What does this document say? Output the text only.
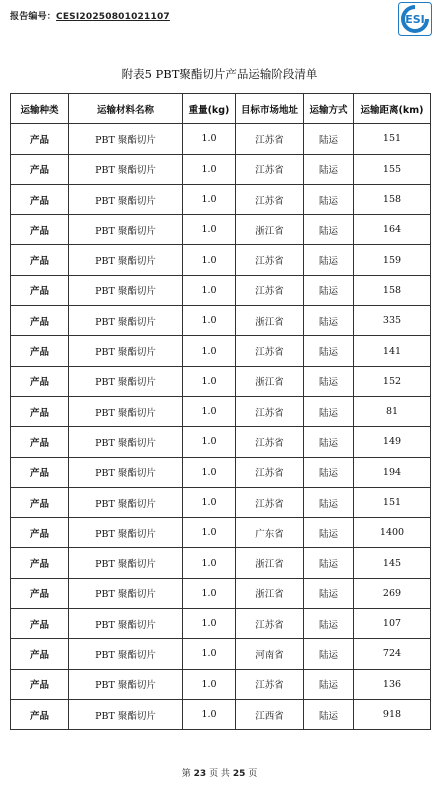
报告编号：CESI20250801021107	ESI
附表5 PBT聚酯切片产品运输阶段清单
运输种类	运输材料名称	重量(kg)	目标市场地址	运输方式	运输距离(km)
产品	PBT 聚酯切片	1.0	江苏省	陆运	151
产品	PBT 聚酯切片	1.0	江苏省	陆运	155
产品	PBT 聚酯切片	1.0	江苏省	陆运	158
产品	PBT 聚酯切片	1.0	浙江省	陆运	164
产品	PBT 聚酯切片	1.0	江苏省	陆运	159
产品	PBT 聚酯切片	1.0	江苏省	陆运	158
产品	PBT 聚酯切片	1.0	浙江省	陆运	335
产品	PBT 聚酯切片	1.0	江苏省	陆运	141
产品	PBT 聚酯切片	1.0	浙江省	陆运	152
产品	PBT 聚酯切片	1.0	江苏省	陆运	81
产品	PBT 聚酯切片	1.0	江苏省	陆运	149
产品	PBT 聚酯切片	1.0	江苏省	陆运	194
产品	PBT 聚酯切片	1.0	江苏省	陆运	151
产品	PBT 聚酯切片	1.0	广东省	陆运	1400
产品	PBT 聚酯切片	1.0	浙江省	陆运	145
产品	PBT 聚酯切片	1.0	浙江省	陆运	269
产品	PBT 聚酯切片	1.0	江苏省	陆运	107
产品	PBT 聚酯切片	1.0	河南省	陆运	724
产品	PBT 聚酯切片	1.0	江苏省	陆运	136
产品	PBT 聚酯切片	1.0	江西省	陆运	918
第 23 页 共 25 页
